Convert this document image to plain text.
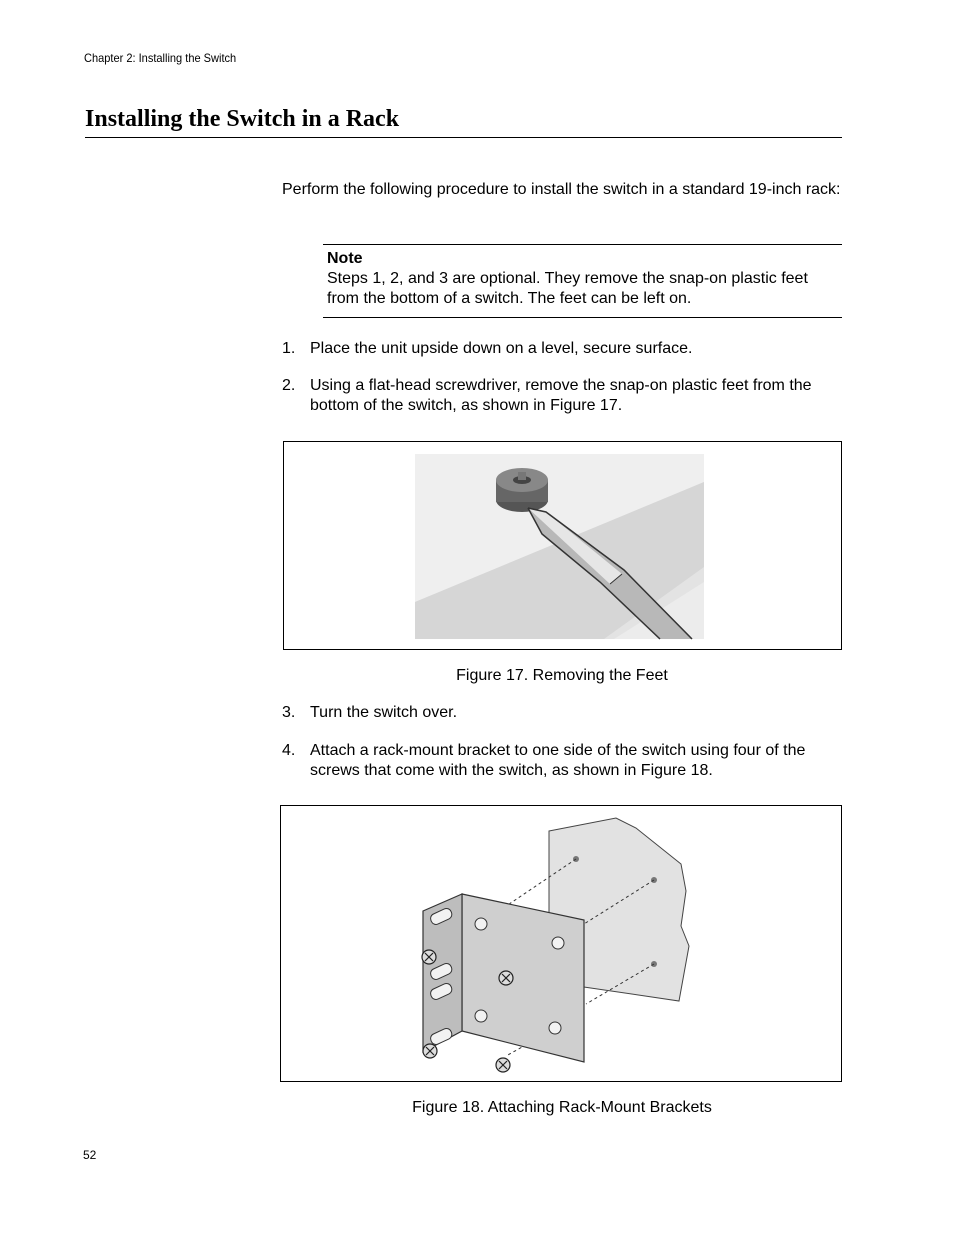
Chapter 2: Installing the Switch
Installing the Switch in a Rack

Perform the following procedure to install the switch in a standard 19-inch rack:

Note
Steps 1, 2, and 3 are optional. They remove the snap-on plastic feet from the bottom of a switch. The feet can be left on.
1. Place the unit upside down on a level, secure surface.
2. Using a flat-head screwdriver, remove the snap-on plastic feet from the bottom of the switch, as shown in Figure 17.
Figure 17. Removing the Feet
3. Turn the switch over.
4. Attach a rack-mount bracket to one side of the switch using four of the screws that come with the switch, as shown in Figure 18.
Figure 18. Attaching Rack-Mount Brackets
52
